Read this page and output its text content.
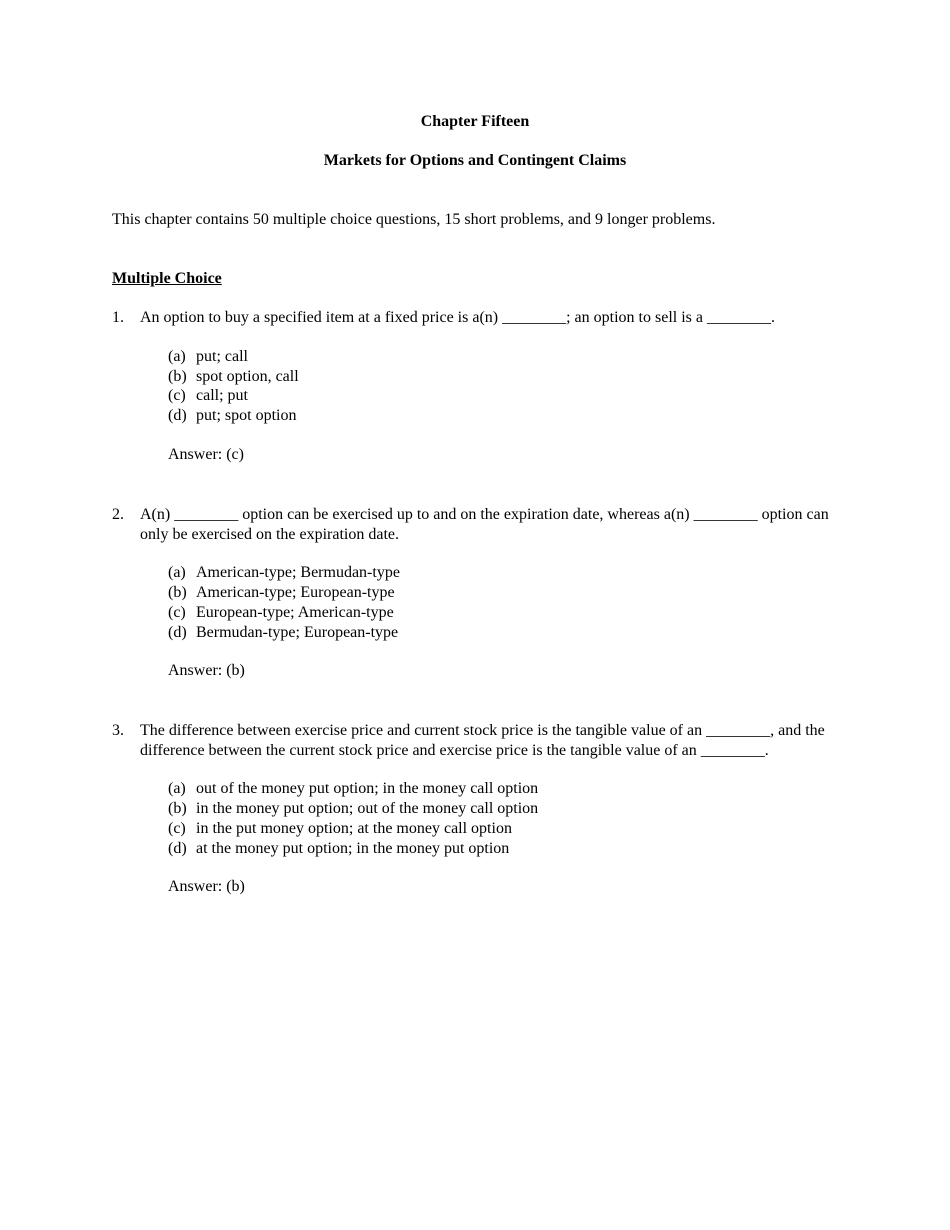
Chapter Fifteen
Markets for Options and Contingent Claims
This chapter contains 50 multiple choice questions, 15 short problems, and 9 longer problems.
Multiple Choice
1.	An option to buy a specified item at a fixed price is a(n) ________; an option to sell is a ________.
(a) put; call
(b) spot option, call
(c) call; put
(d) put; spot option
Answer: (c)
2.	A(n) ________ option can be exercised up to and on the expiration date, whereas a(n) ________ option can only be exercised on the expiration date.
(a) American-type; Bermudan-type
(b) American-type; European-type
(c) European-type; American-type
(d) Bermudan-type; European-type
Answer: (b)
3.	The difference between exercise price and current stock price is the tangible value of an ________, and the difference between the current stock price and exercise price is the tangible value of an ________.
(a) out of the money put option; in the money call option
(b) in the money put option; out of the money call option
(c) in the put money option; at the money call option
(d) at the money put option; in the money put option
Answer: (b)
